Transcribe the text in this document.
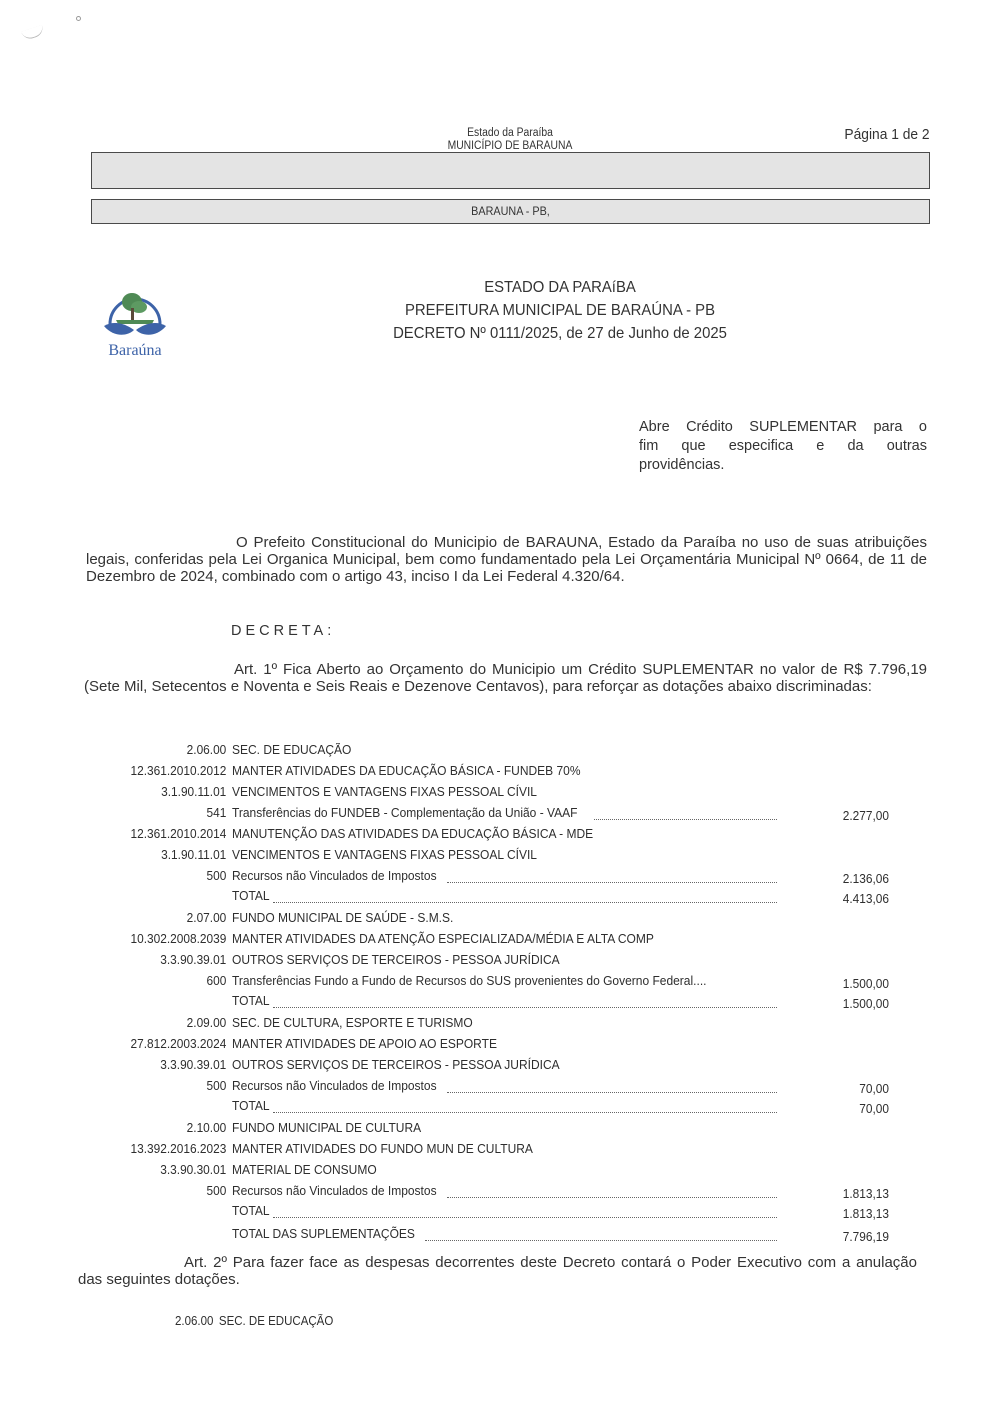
Estado da Paraíba
MUNICÍPIO DE BARAUNA
Página 1 de 2
BARAUNA - PB,
Baraúna
ESTADO DA PARAíBA
PREFEITURA MUNICIPAL DE BARAÚNA - PB
DECRETO Nº 0111/2025, de 27 de Junho de 2025
Abre Crédito SUPLEMENTAR para o
fim que especifica e da outras
providências.
O Prefeito Constitucional do Municipio de BARAUNA, Estado da Paraíba no uso de suas atribuições legais, conferidas pela Lei Organica Municipal, bem como fundamentado pela Lei Orçamentária Municipal Nº 0664, de 11 de Dezembro de 2024, combinado com o artigo 43, inciso I da Lei Federal 4.320/64.
DECRETA:
Art. 1º Fica Aberto ao Orçamento do Municipio um Crédito SUPLEMENTAR no valor de R$ 7.796,19 (Sete Mil, Setecentos e Noventa e Seis Reais e Dezenove Centavos), para reforçar as dotações abaixo discriminadas:
2.06.00 SEC. DE EDUCAÇÃO
12.361.2010.2012 MANTER ATIVIDADES DA EDUCAÇÃO BÁSICA - FUNDEB 70%
3.1.90.11.01 VENCIMENTOS E VANTAGENS FIXAS PESSOAL CÍVIL
541 Transferências do FUNDEB - Complementação da União - VAAF	2.277,00
12.361.2010.2014 MANUTENÇÃO DAS ATIVIDADES DA EDUCAÇÃO BÁSICA - MDE
3.1.90.11.01 VENCIMENTOS E VANTAGENS FIXAS PESSOAL CÍVIL
500 Recursos não Vinculados de Impostos	2.136,06
TOTAL	4.413,06
2.07.00 FUNDO MUNICIPAL DE SAÚDE - S.M.S.
10.302.2008.2039 MANTER ATIVIDADES DA ATENÇÃO ESPECIALIZADA/MÉDIA E ALTA COMP
3.3.90.39.01 OUTROS SERVIÇOS DE TERCEIROS - PESSOA JURÍDICA
600 Transferências Fundo a Fundo de Recursos do SUS provenientes do Governo Federal....	1.500,00
TOTAL	1.500,00
2.09.00 SEC. DE CULTURA, ESPORTE E TURISMO
27.812.2003.2024 MANTER ATIVIDADES DE APOIO AO ESPORTE
3.3.90.39.01 OUTROS SERVIÇOS DE TERCEIROS - PESSOA JURÍDICA
500 Recursos não Vinculados de Impostos	70,00
TOTAL	70,00
2.10.00 FUNDO MUNICIPAL DE CULTURA
13.392.2016.2023 MANTER ATIVIDADES DO FUNDO MUN DE CULTURA
3.3.90.30.01 MATERIAL DE CONSUMO
500 Recursos não Vinculados de Impostos	1.813,13
TOTAL	1.813,13
TOTAL DAS SUPLEMENTAÇÕES	7.796,19
Art. 2º Para fazer face as despesas decorrentes deste Decreto contará o Poder Executivo com a anulação das seguintes dotações.
2.06.00 SEC. DE EDUCAÇÃO
